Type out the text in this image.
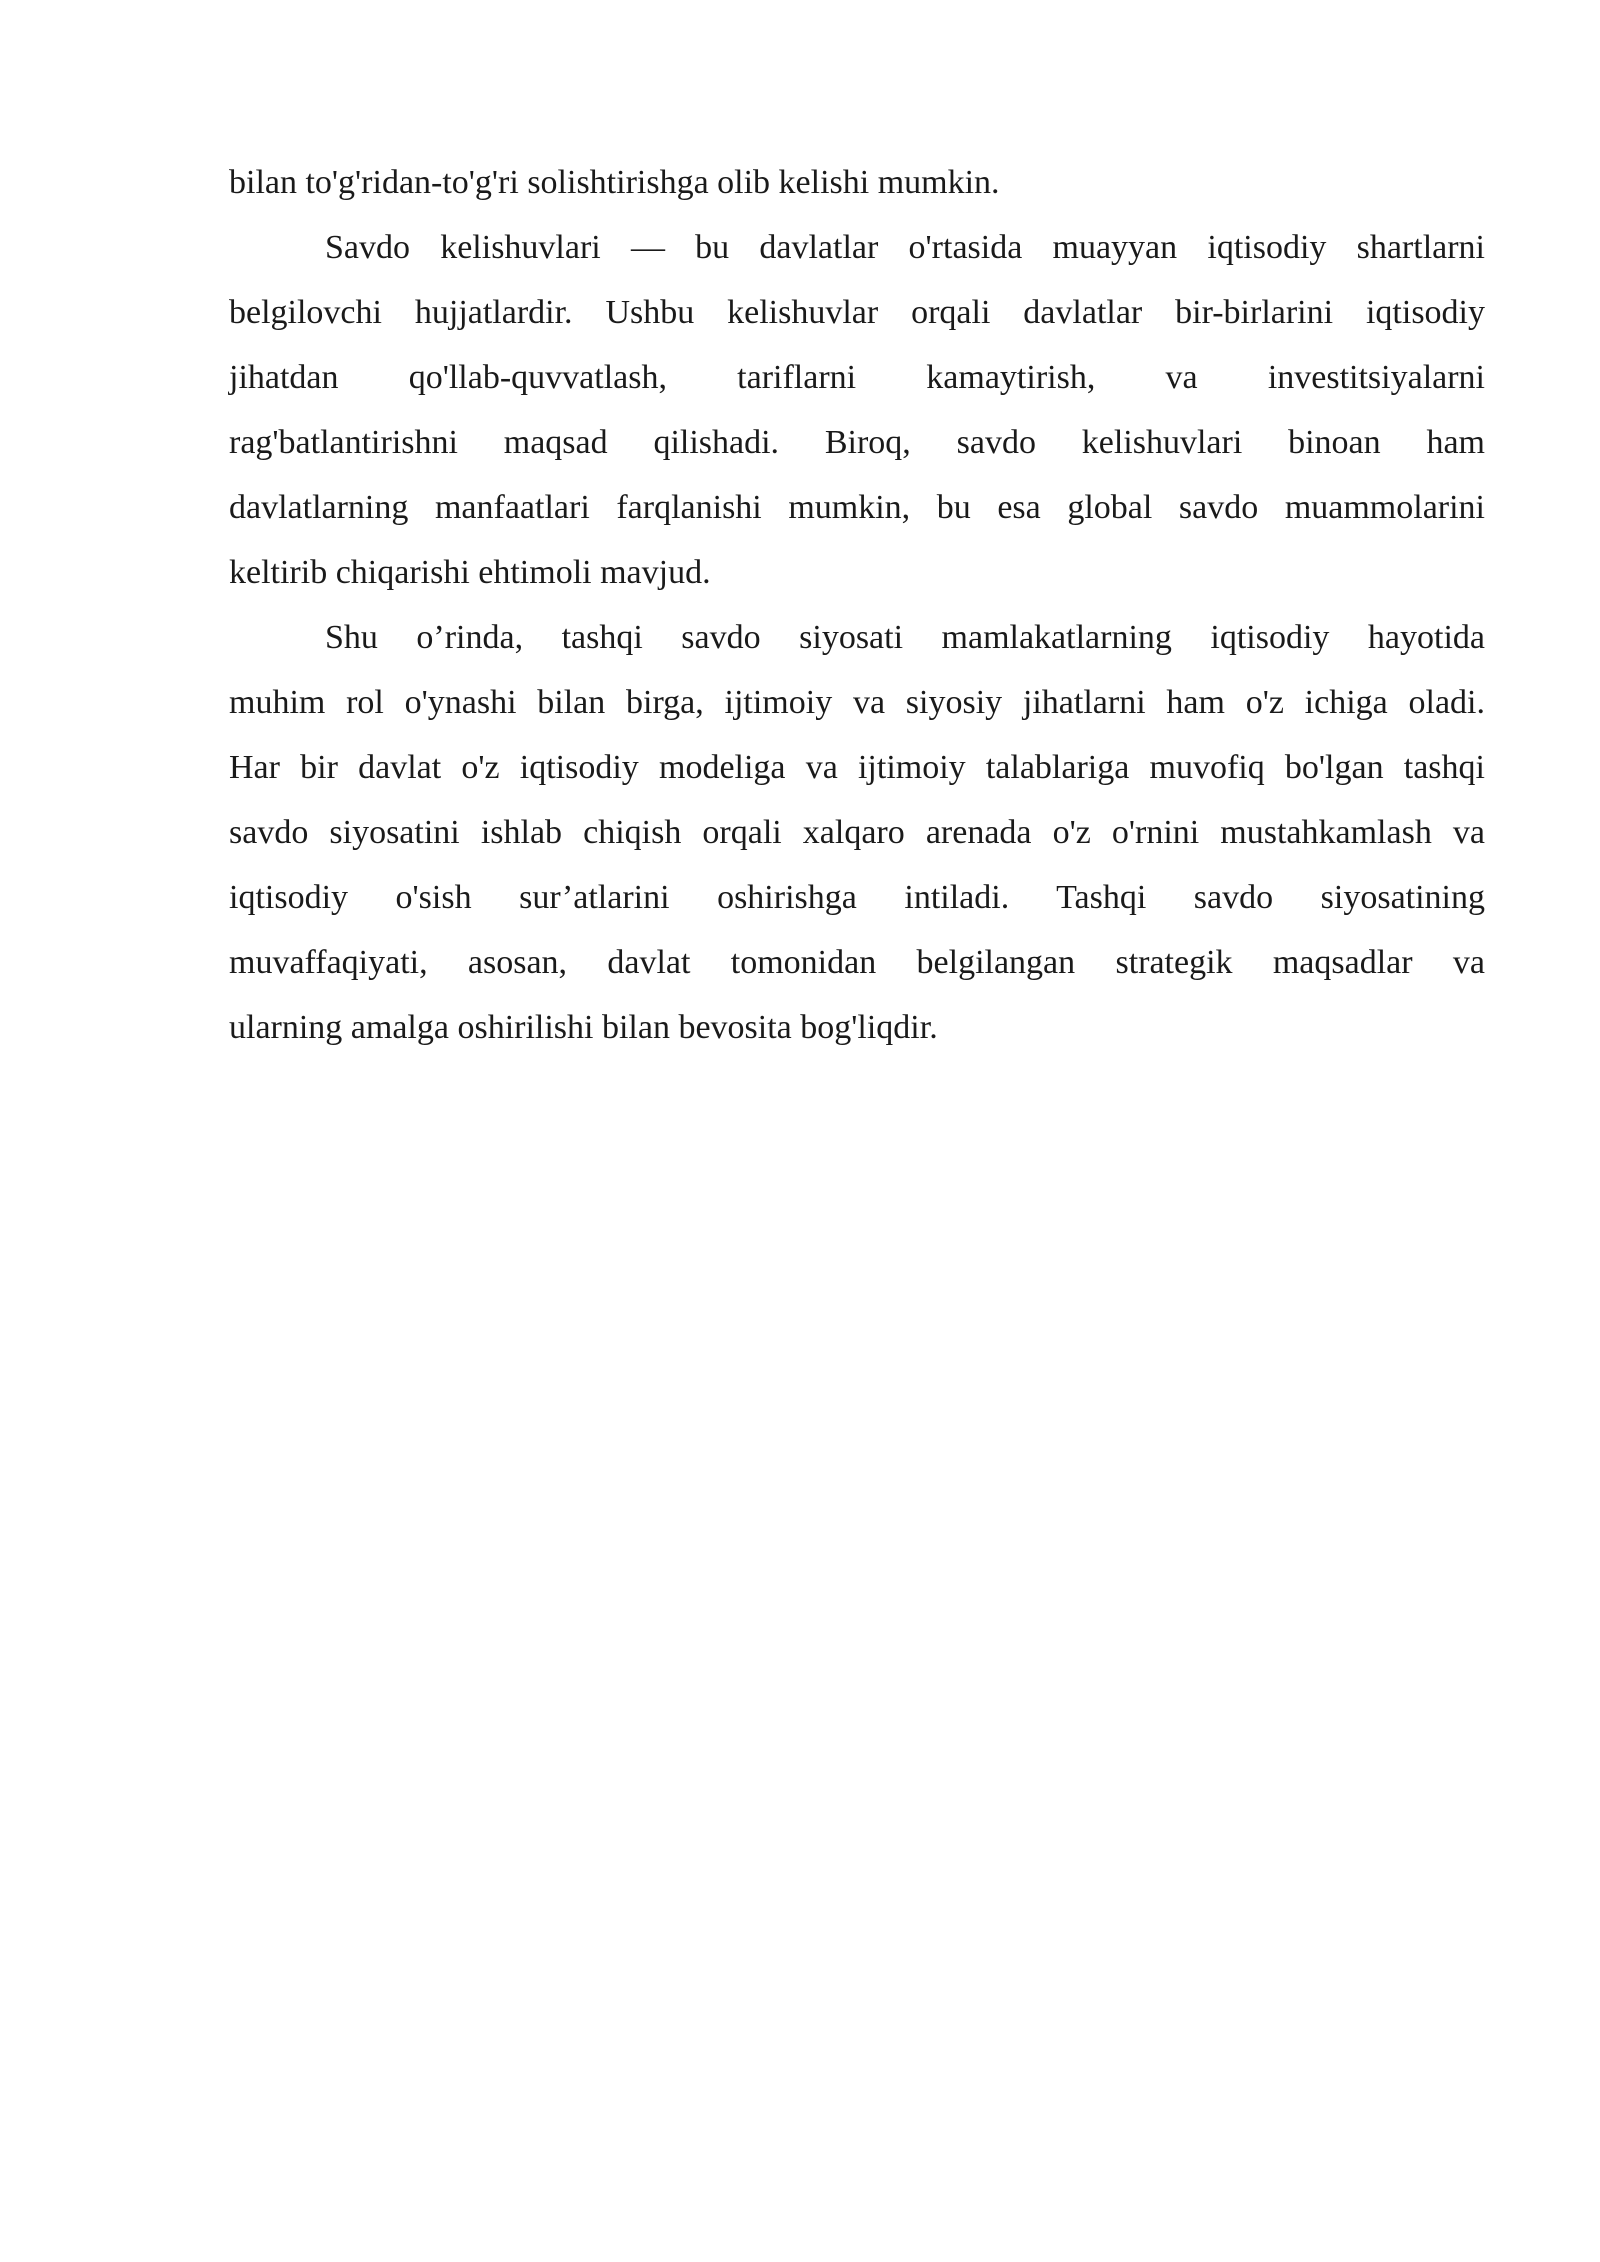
bilan to'g'ridan-to'g'ri solishtirishga olib kelishi mumkin.
Savdo kelishuvlari — bu davlatlar o'rtasida muayyan iqtisodiy shartlarni
belgilovchi hujjatlardir. Ushbu kelishuvlar orqali davlatlar bir-birlarini iqtisodiy
jihatdan qo'llab-quvvatlash, tariflarni kamaytirish, va investitsiyalarni
rag'batlantirishni maqsad qilishadi. Biroq, savdo kelishuvlari binoan ham
davlatlarning manfaatlari farqlanishi mumkin, bu esa global savdo muammolarini
keltirib chiqarishi ehtimoli mavjud.
Shu o’rinda, tashqi savdo siyosati mamlakatlarning iqtisodiy hayotida
muhim rol o'ynashi bilan birga, ijtimoiy va siyosiy jihatlarni ham o'z ichiga oladi.
Har bir davlat o'z iqtisodiy modeliga va ijtimoiy talablariga muvofiq bo'lgan tashqi
savdo siyosatini ishlab chiqish orqali xalqaro arenada o'z o'rnini mustahkamlash va
iqtisodiy o'sish sur’atlarini oshirishga intiladi. Tashqi savdo siyosatining
muvaffaqiyati, asosan, davlat tomonidan belgilangan strategik maqsadlar va
ularning amalga oshirilishi bilan bevosita bog'liqdir.
